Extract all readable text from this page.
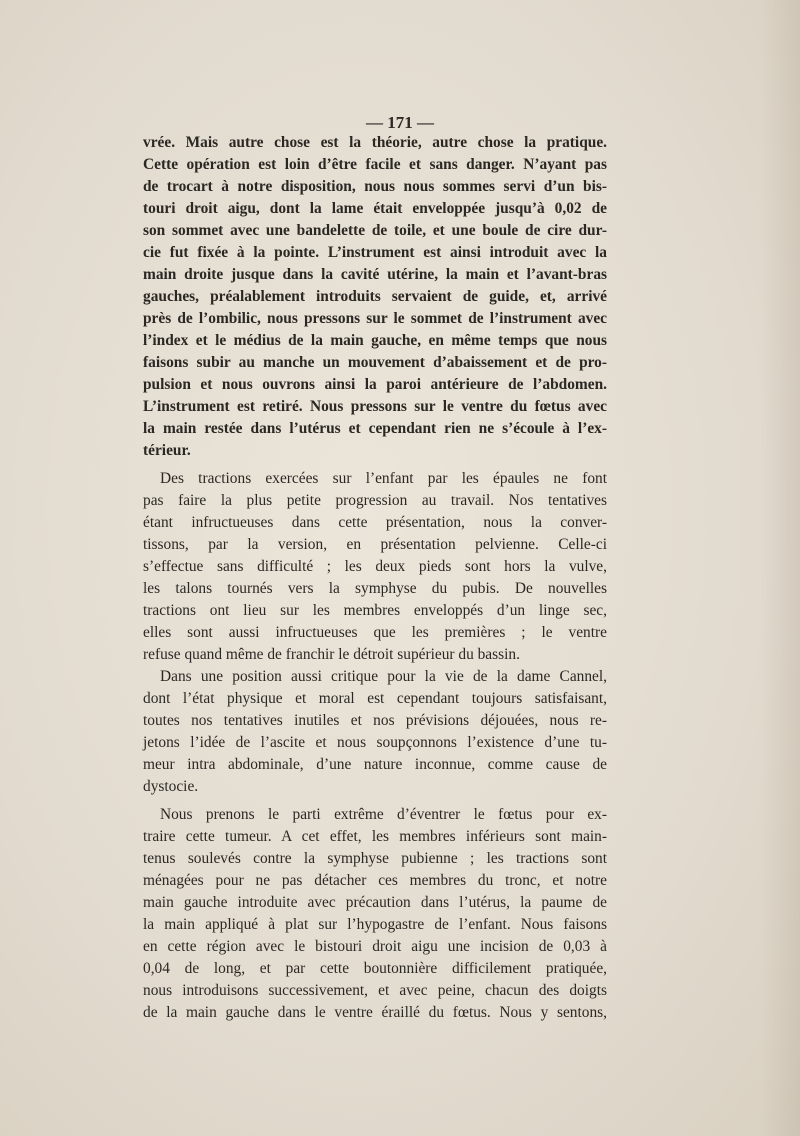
— 171 —
vrée. Mais autre chose est la théorie, autre chose la pratique.
Cette opération est loin d’être facile et sans danger. N’ayant pas
de trocart à notre disposition, nous nous sommes servi d’un bis-
touri droit aigu, dont la lame était enveloppée jusqu’à 0,02 de
son sommet avec une bandelette de toile, et une boule de cire dur-
cie fut fixée à la pointe. L’instrument est ainsi introduit avec la
main droite jusque dans la cavité utérine, la main et l’avant-bras
gauches, préalablement introduits servaient de guide, et, arrivé
près de l’ombilic, nous pressons sur le sommet de l’instrument avec
l’index et le médius de la main gauche, en même temps que nous
faisons subir au manche un mouvement d’abaissement et de pro-
pulsion et nous ouvrons ainsi la paroi antérieure de l’abdomen.
L’instrument est retiré. Nous pressons sur le ventre du fœtus avec
la main restée dans l’utérus et cependant rien ne s’écoule à l’ex-
térieur.
Des tractions exercées sur l’enfant par les épaules ne font
pas faire la plus petite progression au travail. Nos tentatives
étant infructueuses dans cette présentation, nous la conver-
tissons, par la version, en présentation pelvienne. Celle-ci
s’effectue sans difficulté ; les deux pieds sont hors la vulve,
les talons tournés vers la symphyse du pubis. De nouvelles
tractions ont lieu sur les membres enveloppés d’un linge sec,
elles sont aussi infructueuses que les premières ; le ventre
refuse quand même de franchir le détroit supérieur du bassin.
Dans une position aussi critique pour la vie de la dame Cannel,
dont l’état physique et moral est cependant toujours satisfaisant,
toutes nos tentatives inutiles et nos prévisions déjouées, nous re-
jetons l’idée de l’ascite et nous soupçonnons l’existence d’une tu-
meur intra abdominale, d’une nature inconnue, comme cause de
dystocie.
Nous prenons le parti extrême d’éventrer le fœtus pour ex-
traire cette tumeur. A cet effet, les membres inférieurs sont main-
tenus soulevés contre la symphyse pubienne ; les tractions sont
ménagées pour ne pas détacher ces membres du tronc, et notre
main gauche introduite avec précaution dans l’utérus, la paume de
la main appliqué à plat sur l’hypogastre de l’enfant. Nous faisons
en cette région avec le bistouri droit aigu une incision de 0,03 à
0,04 de long, et par cette boutonnière difficilement pratiquée,
nous introduisons successivement, et avec peine, chacun des doigts
de la main gauche dans le ventre éraillé du fœtus. Nous y sentons,
